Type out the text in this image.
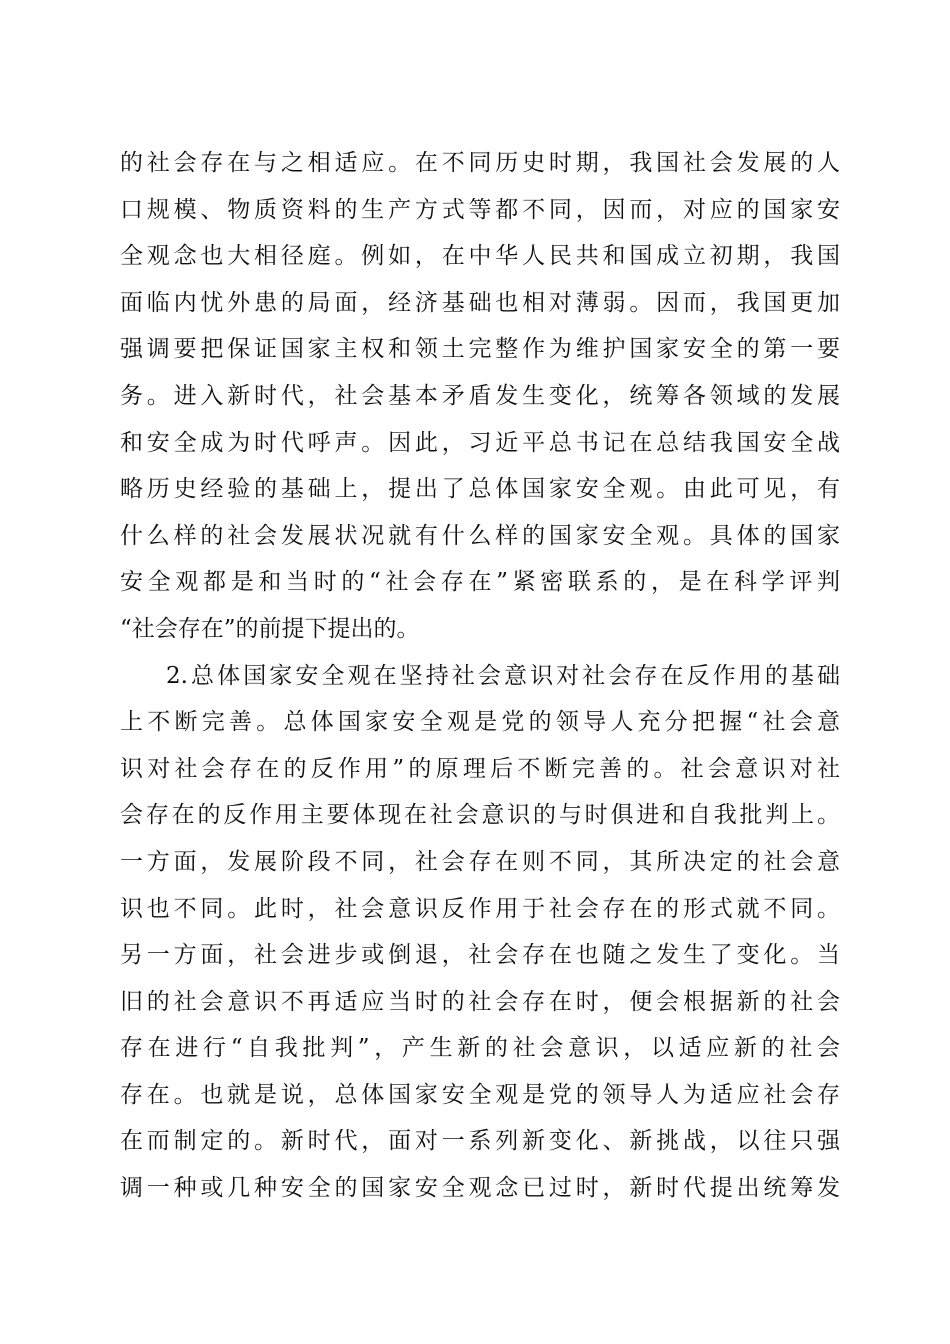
的社会存在与之相适应。在不同历史时期，我国社会发展的人
口规模、物质资料的生产方式等都不同，因而，对应的国家安
全观念也大相径庭。例如，在中华人民共和国成立初期，我国
面临内忧外患的局面，经济基础也相对薄弱。因而，我国更加
强调要把保证国家主权和领土完整作为维护国家安全的第一要
务。进入新时代，社会基本矛盾发生变化，统筹各领域的发展
和安全成为时代呼声。因此，习近平总书记在总结我国安全战
略历史经验的基础上，提出了总体国家安全观。由此可见，有
什么样的社会发展状况就有什么样的国家安全观。具体的国家
安全观都是和当时的“社会存在”紧密联系的，是在科学评判
“社会存在”的前提下提出的。
2.总体国家安全观在坚持社会意识对社会存在反作用的基础
上不断完善。总体国家安全观是党的领导人充分把握“社会意
识对社会存在的反作用”的原理后不断完善的。社会意识对社
会存在的反作用主要体现在社会意识的与时俱进和自我批判上。
一方面，发展阶段不同，社会存在则不同，其所决定的社会意
识也不同。此时，社会意识反作用于社会存在的形式就不同。
另一方面，社会进步或倒退，社会存在也随之发生了变化。当
旧的社会意识不再适应当时的社会存在时，便会根据新的社会
存在进行“自我批判”，产生新的社会意识，以适应新的社会
存在。也就是说，总体国家安全观是党的领导人为适应社会存
在而制定的。新时代，面对一系列新变化、新挑战，以往只强
调一种或几种安全的国家安全观念已过时，新时代提出统筹发
